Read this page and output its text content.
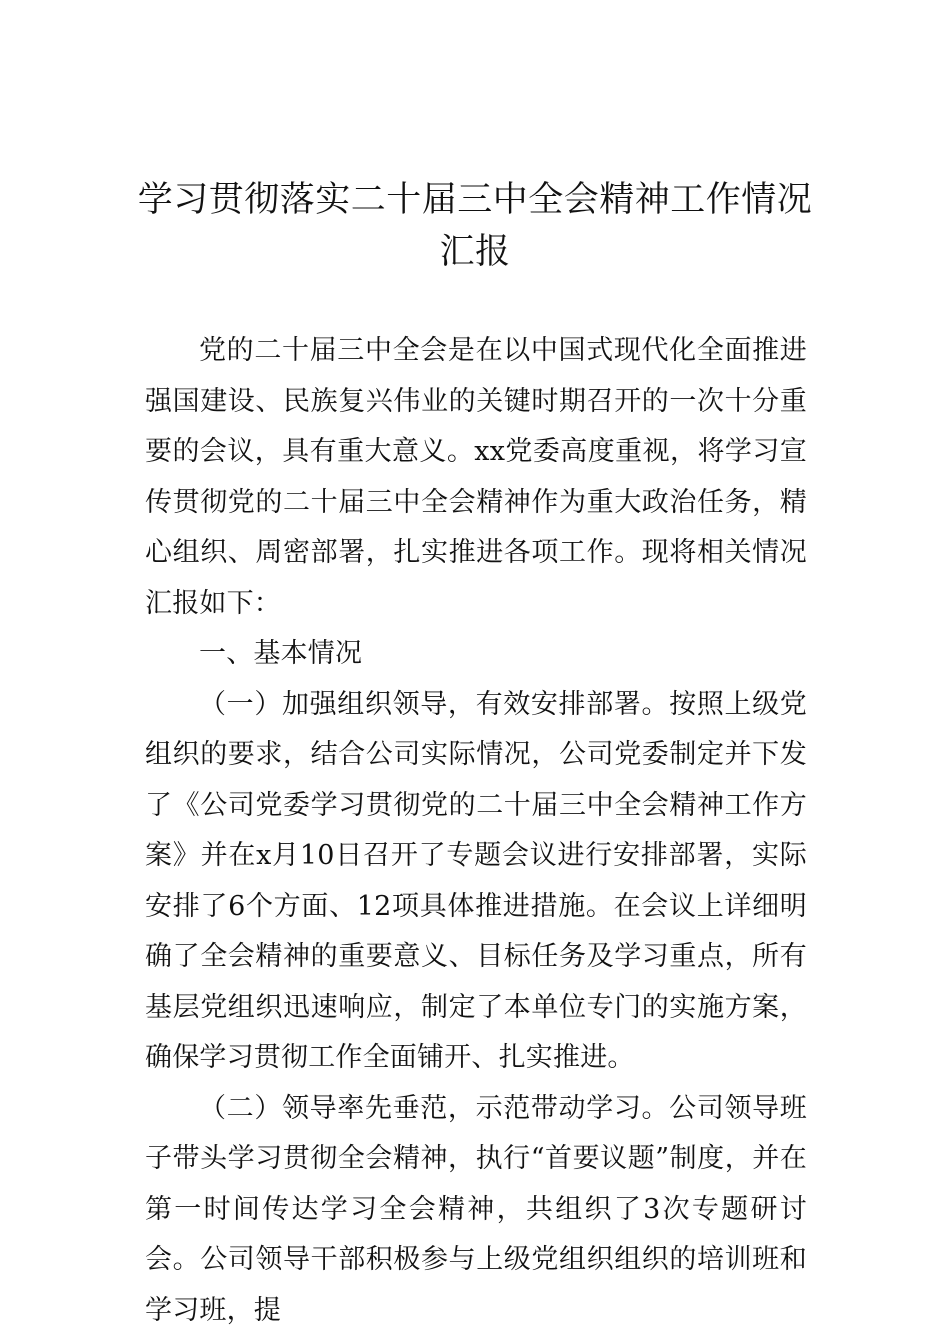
学习贯彻落实二十届三中全会精神工作情况汇报

党的二十届三中全会是在以中国式现代化全面推进强国建设、民族复兴伟业的关键时期召开的一次十分重要的会议，具有重大意义。xx党委高度重视，将学习宣传贯彻党的二十届三中全会精神作为重大政治任务，精心组织、周密部署，扎实推进各项工作。现将相关情况汇报如下：

一、基本情况

（一）加强组织领导，有效安排部署。按照上级党组织的要求，结合公司实际情况，公司党委制定并下发了《公司党委学习贯彻党的二十届三中全会精神工作方案》并在x月10日召开了专题会议进行安排部署，实际安排了6个方面、12项具体推进措施。在会议上详细明确了全会精神的重要意义、目标任务及学习重点，所有基层党组织迅速响应，制定了本单位专门的实施方案，确保学习贯彻工作全面铺开、扎实推进。

（二）领导率先垂范，示范带动学习。公司领导班子带头学习贯彻全会精神，执行“首要议题”制度，并在第一时间传达学习全会精神，共组织了3次专题研讨会。公司领导干部积极参与上级党组织组织的培训班和学习班，提
